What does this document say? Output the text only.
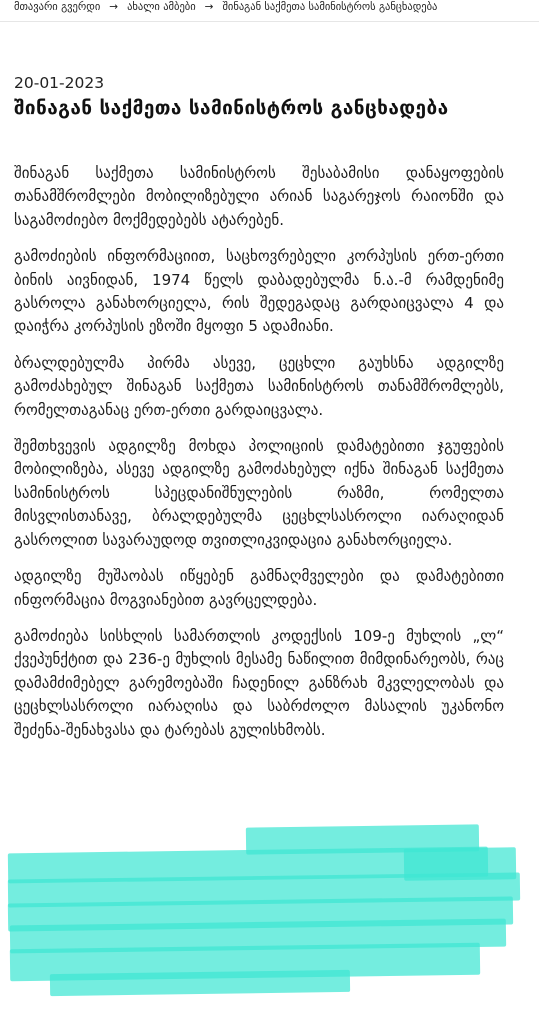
მთავარი გვერდი → ახალი ამბები → შინაგან საქმეთა სამინისტროს განცხადება
20-01-2023
შინაგან საქმეთა სამინისტროს განცხადება

შინაგან საქმეთა სამინისტროს შესაბამისი დანაყოფების თანამშრომლები მობილიზებული არიან საგარეჯოს რაიონში და საგამოძიებო მოქმედებებს ატარებენ.

გამოძიების ინფორმაციით, საცხოვრებელი კორპუსის ერთ-ერთი ბინის აივნიდან, 1974 წელს დაბადებულმა ნ.ა.-მ რამდენიმე გასროლა განახორციელა, რის შედეგადაც გარდაიცვალა 4 და დაიჭრა კორპუსის ეზოში მყოფი 5 ადამიანი.

ბრალდებულმა პირმა ასევე, ცეცხლი გაუხსნა ადგილზე გამოძახებულ შინაგან საქმეთა სამინისტროს თანამშრომლებს, რომელთაგანაც ერთ-ერთი გარდაიცვალა.

შემთხვევის ადგილზე მოხდა პოლიციის დამატებითი ჯგუფების მობილიზება, ასევე ადგილზე გამოძახებულ იქნა შინაგან საქმეთა სამინისტროს სპეცდანიშნულების რაზმი, რომელთა მისვლისთანავე, ბრალდებულმა ცეცხლსასროლი იარაღიდან გასროლით სავარაუდოდ თვითლიკვიდაცია განახორციელა.

ადგილზე მუშაობას იწყებენ გამნაღმველები და დამატებითი ინფორმაცია მოგვიანებით გავრცელდება.

გამოძიება სისხლის სამართლის კოდექსის 109-ე მუხლის „ლ“ ქვეპუნქტით და 236-ე მუხლის მესამე ნაწილით მიმდინარეობს, რაც დამამძიმებელ გარემოებაში ჩადენილ განზრახ მკვლელობას და ცეცხლსასროლი იარაღისა და საბრძოლო მასალის უკანონო შეძენა-შენახვასა და ტარებას გულისხმობს.
